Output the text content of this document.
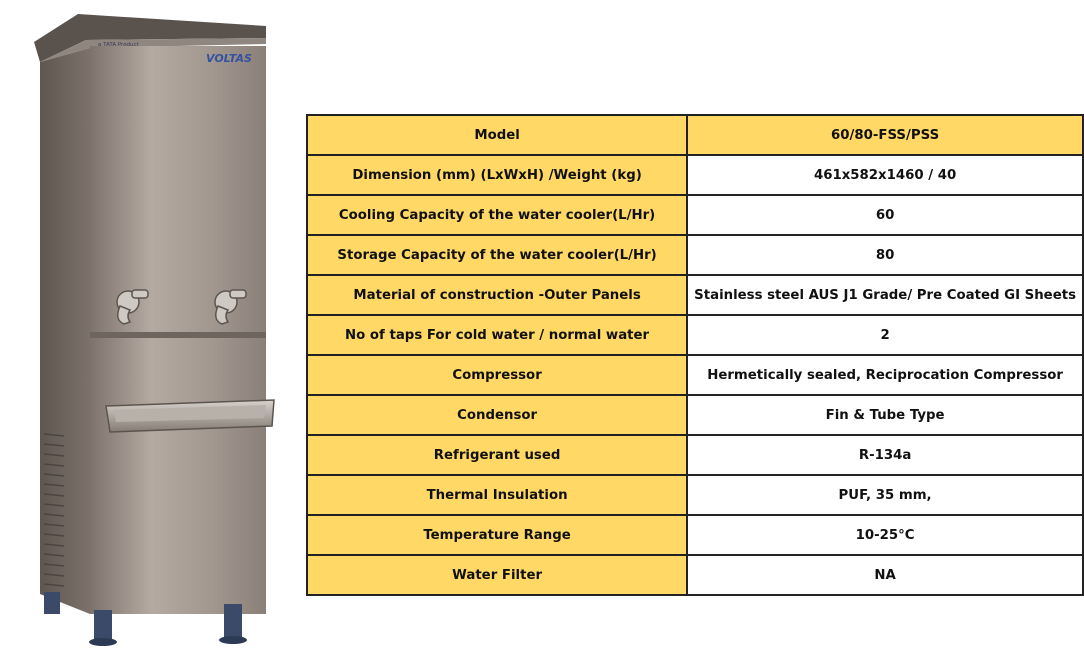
a TATA Product
VOLTAS
Model	60/80-FSS/PSS
Dimension (mm) (LxWxH) /Weight (kg)	461x582x1460 / 40
Cooling Capacity of the water cooler(L/Hr)	60
Storage Capacity of the water cooler(L/Hr)	80
Material of construction -Outer Panels	Stainless steel AUS J1 Grade/ Pre Coated GI Sheets
No of taps For cold water / normal water	2
Compressor	Hermetically sealed, Reciprocation Compressor
Condensor	Fin & Tube Type
Refrigerant used	R-134a
Thermal Insulation	PUF, 35 mm,
Temperature Range	10-25°C
Water Filter	NA
